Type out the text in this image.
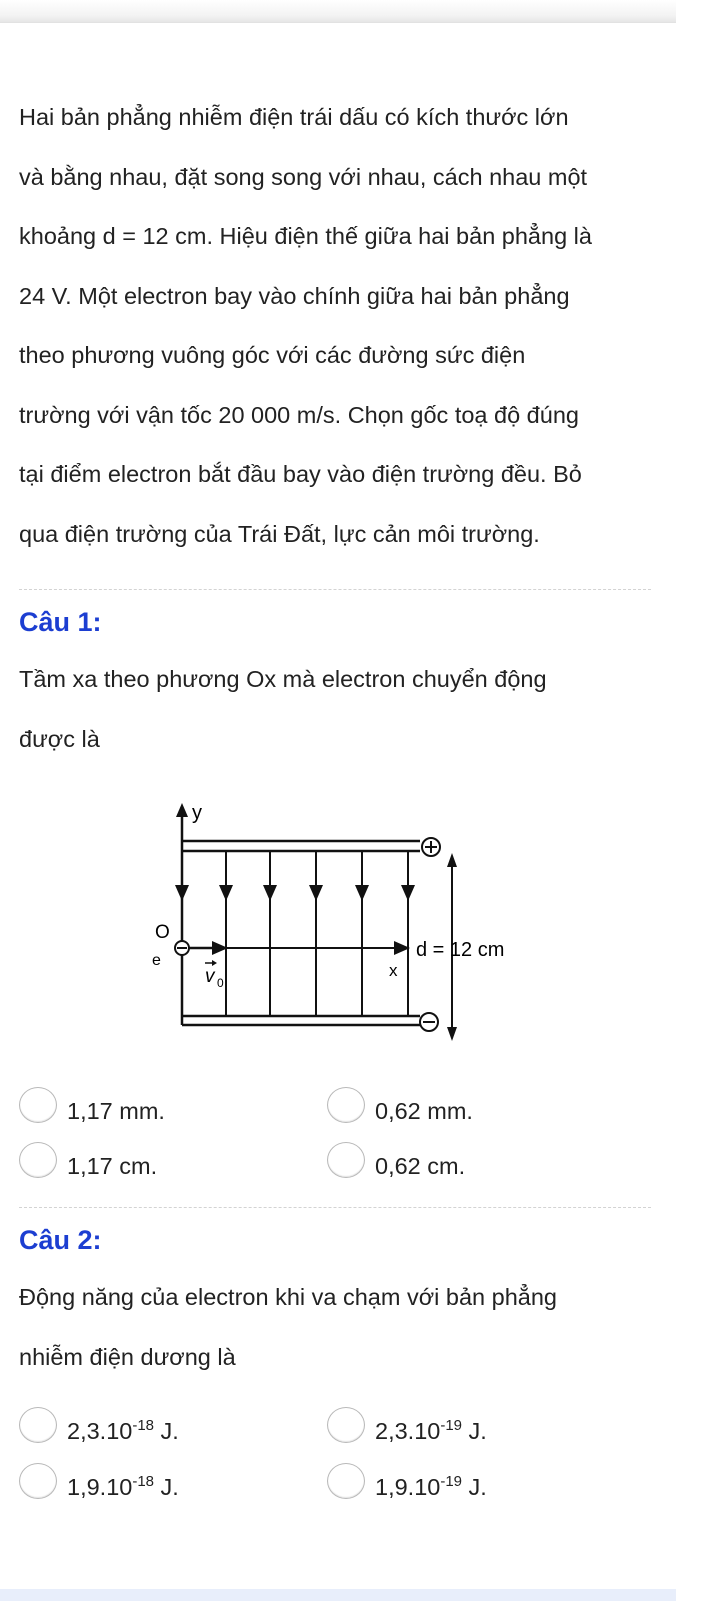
Hai bản phẳng nhiễm điện trái dấu có kích thước lớn
và bằng nhau, đặt song song với nhau, cách nhau một
khoảng d = 12 cm. Hiệu điện thế giữa hai bản phẳng là
24 V. Một electron bay vào chính giữa hai bản phẳng
theo phương vuông góc với các đường sức điện
trường với vận tốc 20 000 m/s. Chọn gốc toạ độ đúng
tại điểm electron bắt đầu bay vào điện trường đều. Bỏ
qua điện trường của Trái Đất, lực cản môi trường.
Câu 1:
Tầm xa theo phương Ox mà electron chuyển động
được là
y
x
v 0
O
e	d = 12 cm
1,17 mm.	0,62 mm.
1,17 cm.	0,62 cm.
Câu 2:
Động năng của electron khi va chạm với bản phẳng
nhiễm điện dương là
$2,3.10^{-18}$ J.	$2,3.10^{-19}$ J.
$1,9.10^{-18}$ J.	$1,9.10^{-19}$ J.
